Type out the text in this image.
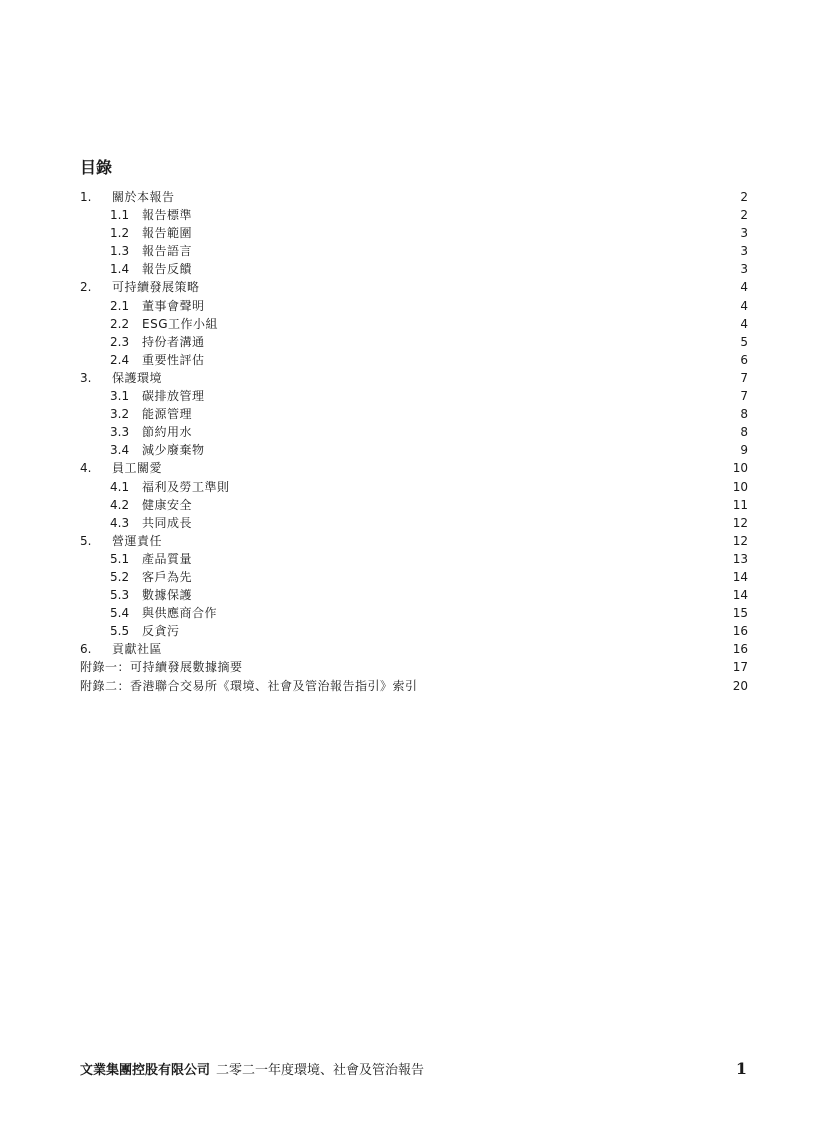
目錄
1.	關於本報告	2
1.1	報告標準	2
1.2	報告範圍	3
1.3	報告語言	3
1.4	報告反饋	3
2.	可持續發展策略	4
2.1	董事會聲明	4
2.2	ESG工作小組	4
2.3	持份者溝通	5
2.4	重要性評估	6
3.	保護環境	7
3.1	碳排放管理	7
3.2	能源管理	8
3.3	節約用水	8
3.4	減少廢棄物	9
4.	員工關愛	10
4.1	福利及勞工準則	10
4.2	健康安全	11
4.3	共同成長	12
5.	營運責任	12
5.1	產品質量	13
5.2	客戶為先	14
5.3	數據保護	14
5.4	與供應商合作	15
5.5	反貪污	16
6.	貢獻社區	16
附錄一：可持續發展數據摘要	17
附錄二：香港聯合交易所《環境、社會及管治報告指引》索引	20
文業集團控股有限公司 二零二一年度環境、社會及管治報告	1
